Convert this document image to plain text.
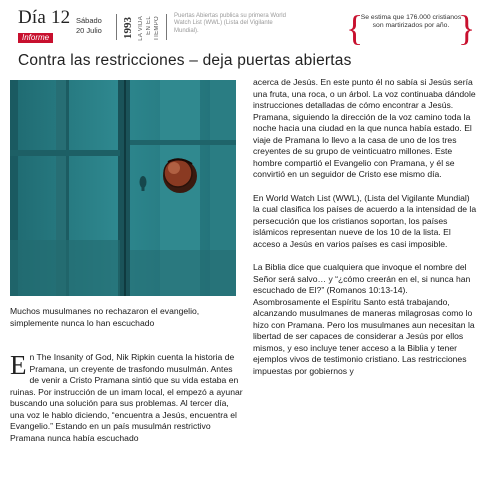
Día 12
Informe
Sábado
20 Julio 1993 LA VIDA EN EL TIEMPO Puertas Abiertas publica su primera World Watch List (WWL) (Lista del Vigilante Mundial).	{
Se estima que 176.000 cristianos son martirizados por año. }
Contra las restricciones – deja puertas abiertas
Muchos musulmanes no rechazaron el evangelio, simplemente nunca lo han escuchado
E n The Insanity of God, Nik Ripkin cuenta la historia de Pramana, un creyente de trasfondo musulmán. Antes de venir a Cristo Pramana sintió que su vida estaba en ruinas. Por instrucción de un imam local, el empezó a ayunar buscando una solución para sus problemas. Al tercer día, una voz le hablo diciendo, “encuentra a Jesús, encuentra el Evangelio.” Estando en un país musulmán restrictivo Pramana nunca había escuchado

acerca de Jesús. En este punto él no sabía si Jesús sería una fruta, una roca, o un árbol. La voz continuaba dándole instrucciones detalladas de cómo encontrar a Jesús. Pramana, siguiendo la dirección de la voz camino toda la noche hacia una ciudad en la que nunca había estado. El viaje de Pramana lo llevo a la casa de uno de los tres creyentes de su grupo de veinticuatro millones. Este hombre compartió el Evangelio con Pramana, y él se convirtió en un seguidor de Cristo ese mismo día.

En World Watch List (WWL), (Lista del Vigilante Mundial) la cual clasifica los países de acuerdo a la intensidad de la persecución que los cristianos soportan, los países islámicos representan nueve de los 10 de la lista. El acceso a Jesús en varios países es casi imposible.

La Biblia dice que cualquiera que invoque el nombre del Señor será salvo… y “¿cómo creerán en el, si nunca han escuchado de El?” (Romanos 10:13-14). Asombrosamente el Espíritu Santo está trabajando, alcanzando musulmanes de maneras milagrosas como lo hizo con Pramana. Pero los musulmanes aun necesitan la libertad de ser capaces de considerar a Jesús por ellos mismos, y eso incluye tener acceso a la Biblia y tener ejemplos vivos de testimonio cristiano. Las restricciones impuestas por gobiernos y
